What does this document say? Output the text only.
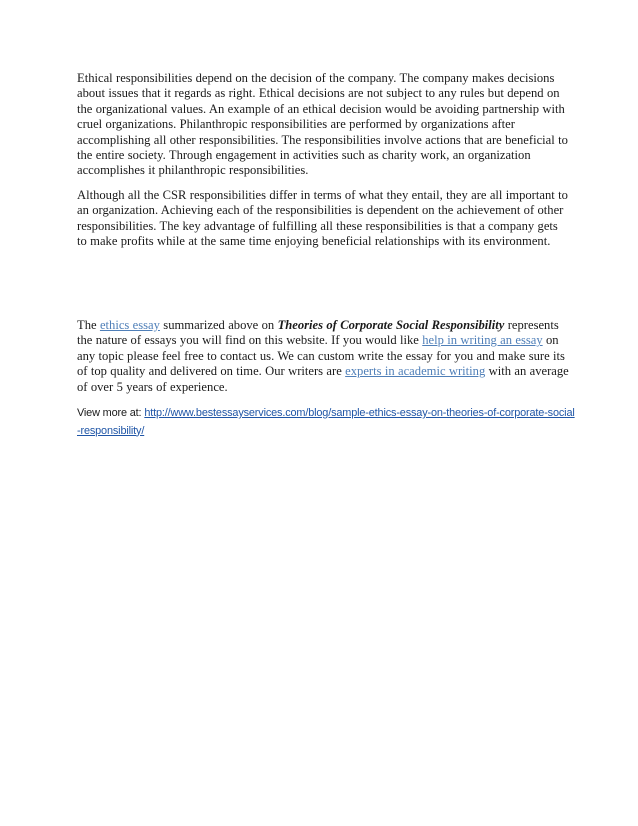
Ethical responsibilities depend on the decision of the company. The company makes decisions about issues that it regards as right. Ethical decisions are not subject to any rules but depend on the organizational values. An example of an ethical decision would be avoiding partnership with cruel organizations. Philanthropic responsibilities are performed by organizations after accomplishing all other responsibilities. The responsibilities involve actions that are beneficial to the entire society. Through engagement in activities such as charity work, an organization accomplishes it philanthropic responsibilities.

Although all the CSR responsibilities differ in terms of what they entail, they are all important to an organization. Achieving each of the responsibilities is dependent on the achievement of other responsibilities. The key advantage of fulfilling all these responsibilities is that a company gets to make profits while at the same time enjoying beneficial relationships with its environment.

The ethics essay summarized above on Theories of Corporate Social Responsibility represents the nature of essays you will find on this website. If you would like help in writing an essay on any topic please feel free to contact us. We can custom write the essay for you and make sure its of top quality and delivered on time. Our writers are experts in academic writing with an average of over 5 years of experience.

View more at: http://www.bestessayservices.com/blog/sample-ethics-essay-on-theories-of-corporate-social-responsibility/
